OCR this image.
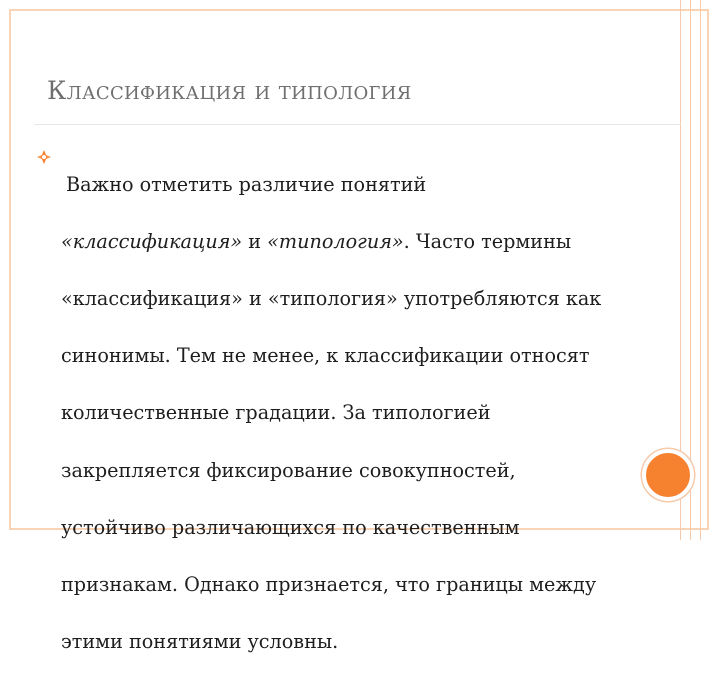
Классификация и типология

Важно отметить различие понятий

«классификация» и «типология». Часто термины

«классификация» и «типология» употребляются как

синонимы. Тем не менее, к классификации относят

количественные градации. За типологией

закрепляется фиксирование совокупностей,

устойчиво различающихся по качественным

признакам. Однако признается, что границы между

этими понятиями условны.
